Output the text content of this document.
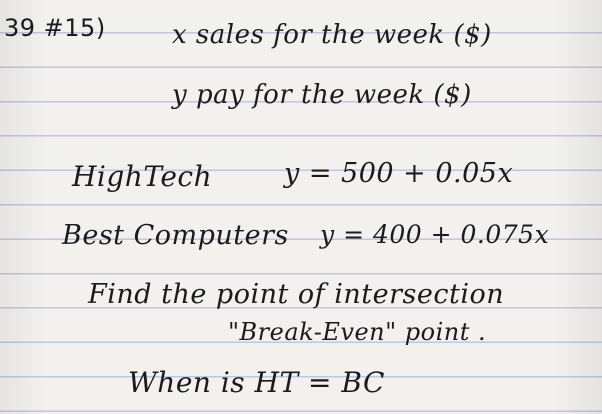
39 #15)	x sales for the week ($)
y pay for the week ($)
HighTech	y = 500 + 0.05x
Best Computers y = 400 + 0.075x
Find the point of intersection
"Break-Even" point .
When is HT = BC
